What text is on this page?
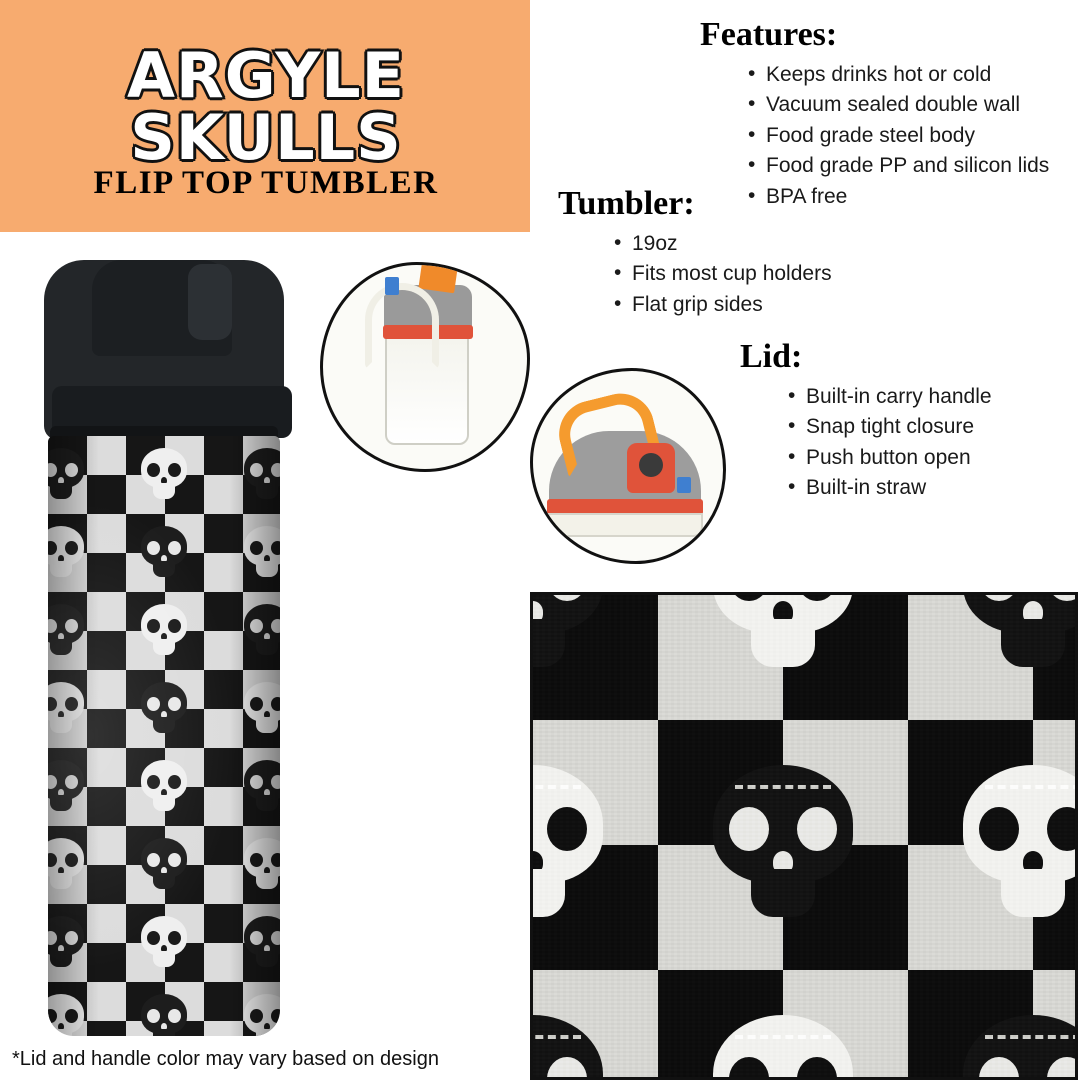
ARGYLE SKULLS
FLIP TOP TUMBLER
Features:
• Keeps drinks hot or cold
• Vacuum sealed double wall
• Food grade steel body
• Food grade PP and silicon lids
• BPA free
Tumbler:
• 19oz
• Fits most cup holders
• Flat grip sides
Lid:
• Built-in carry handle
• Snap tight closure
• Push button open
• Built-in straw
*Lid and handle color may vary based on design
